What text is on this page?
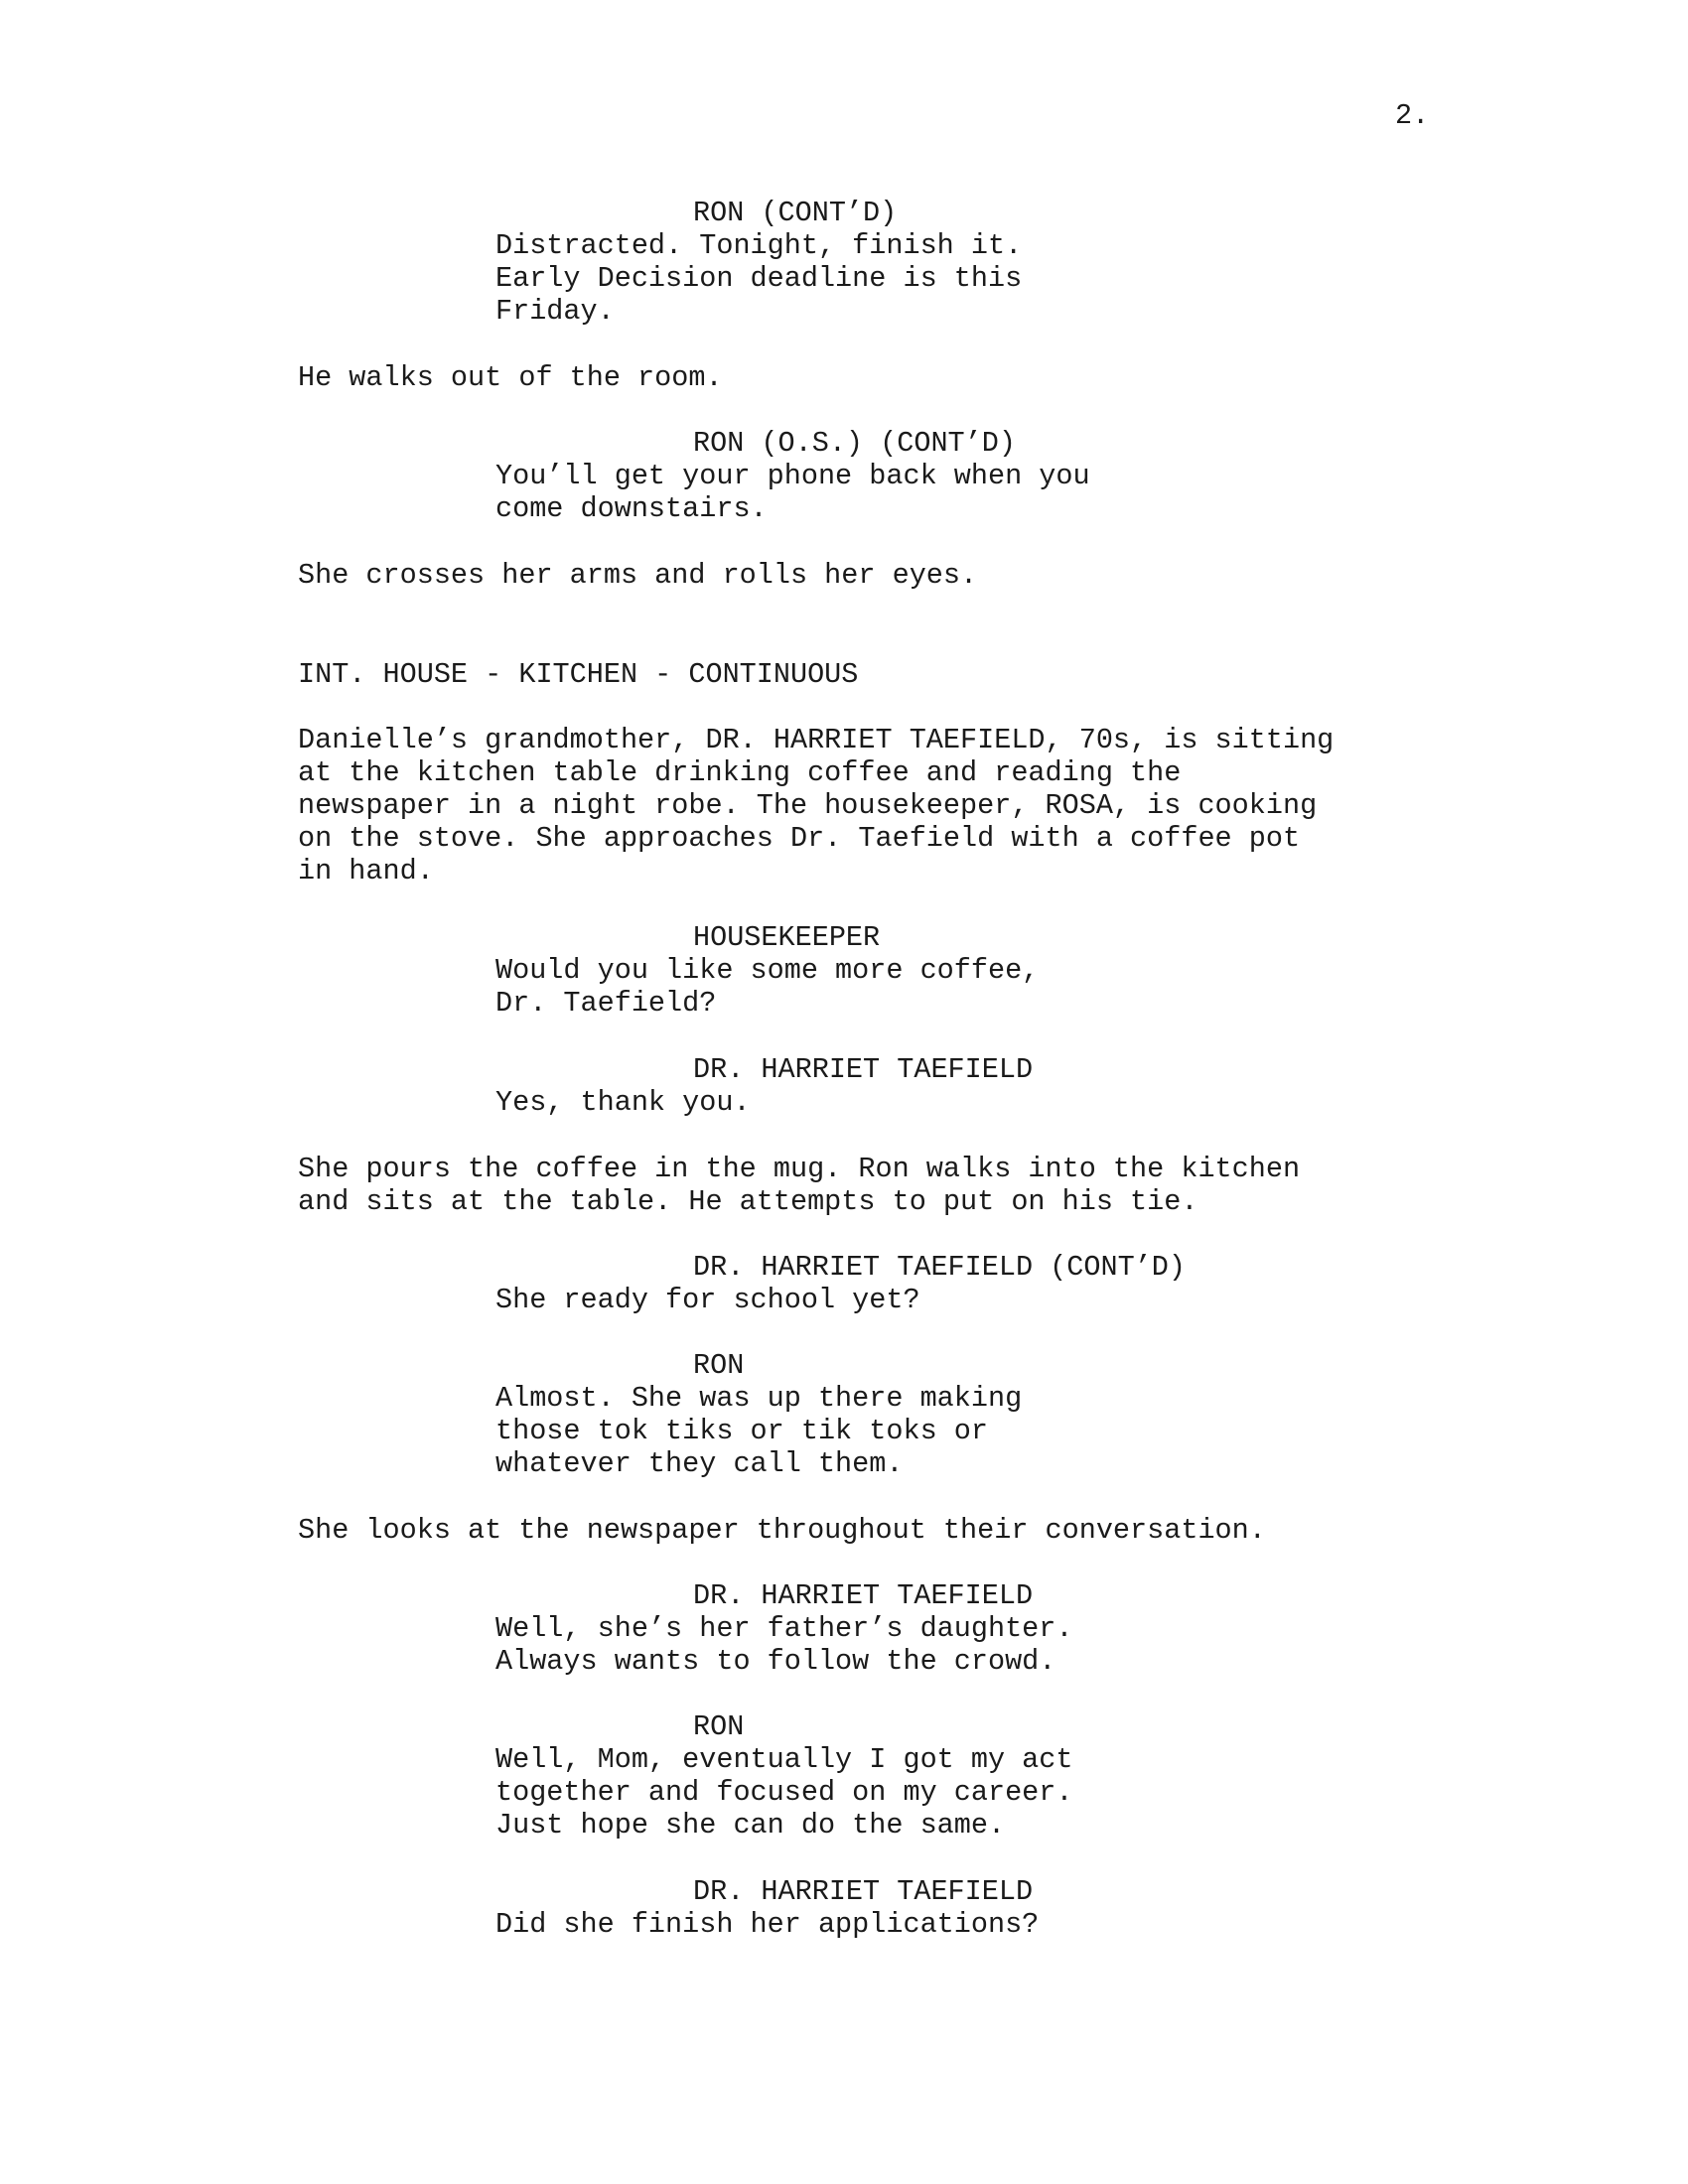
2.
RON (CONT’D)
Distracted. Tonight, finish it.
Early Decision deadline is this
Friday.
He walks out of the room.
RON (O.S.) (CONT’D)
You’ll get your phone back when you
come downstairs.
She crosses her arms and rolls her eyes.
INT. HOUSE - KITCHEN - CONTINUOUS
Danielle’s grandmother, DR. HARRIET TAEFIELD, 70s, is sitting
at the kitchen table drinking coffee and reading the
newspaper in a night robe. The housekeeper, ROSA, is cooking
on the stove. She approaches Dr. Taefield with a coffee pot
in hand.
HOUSEKEEPER
Would you like some more coffee,
Dr. Taefield?
DR. HARRIET TAEFIELD
Yes, thank you.
She pours the coffee in the mug. Ron walks into the kitchen
and sits at the table. He attempts to put on his tie.
DR. HARRIET TAEFIELD (CONT’D)
She ready for school yet?
RON
Almost. She was up there making
those tok tiks or tik toks or
whatever they call them.
She looks at the newspaper throughout their conversation.
DR. HARRIET TAEFIELD
Well, she’s her father’s daughter.
Always wants to follow the crowd.
RON
Well, Mom, eventually I got my act
together and focused on my career.
Just hope she can do the same.
DR. HARRIET TAEFIELD
Did she finish her applications?
